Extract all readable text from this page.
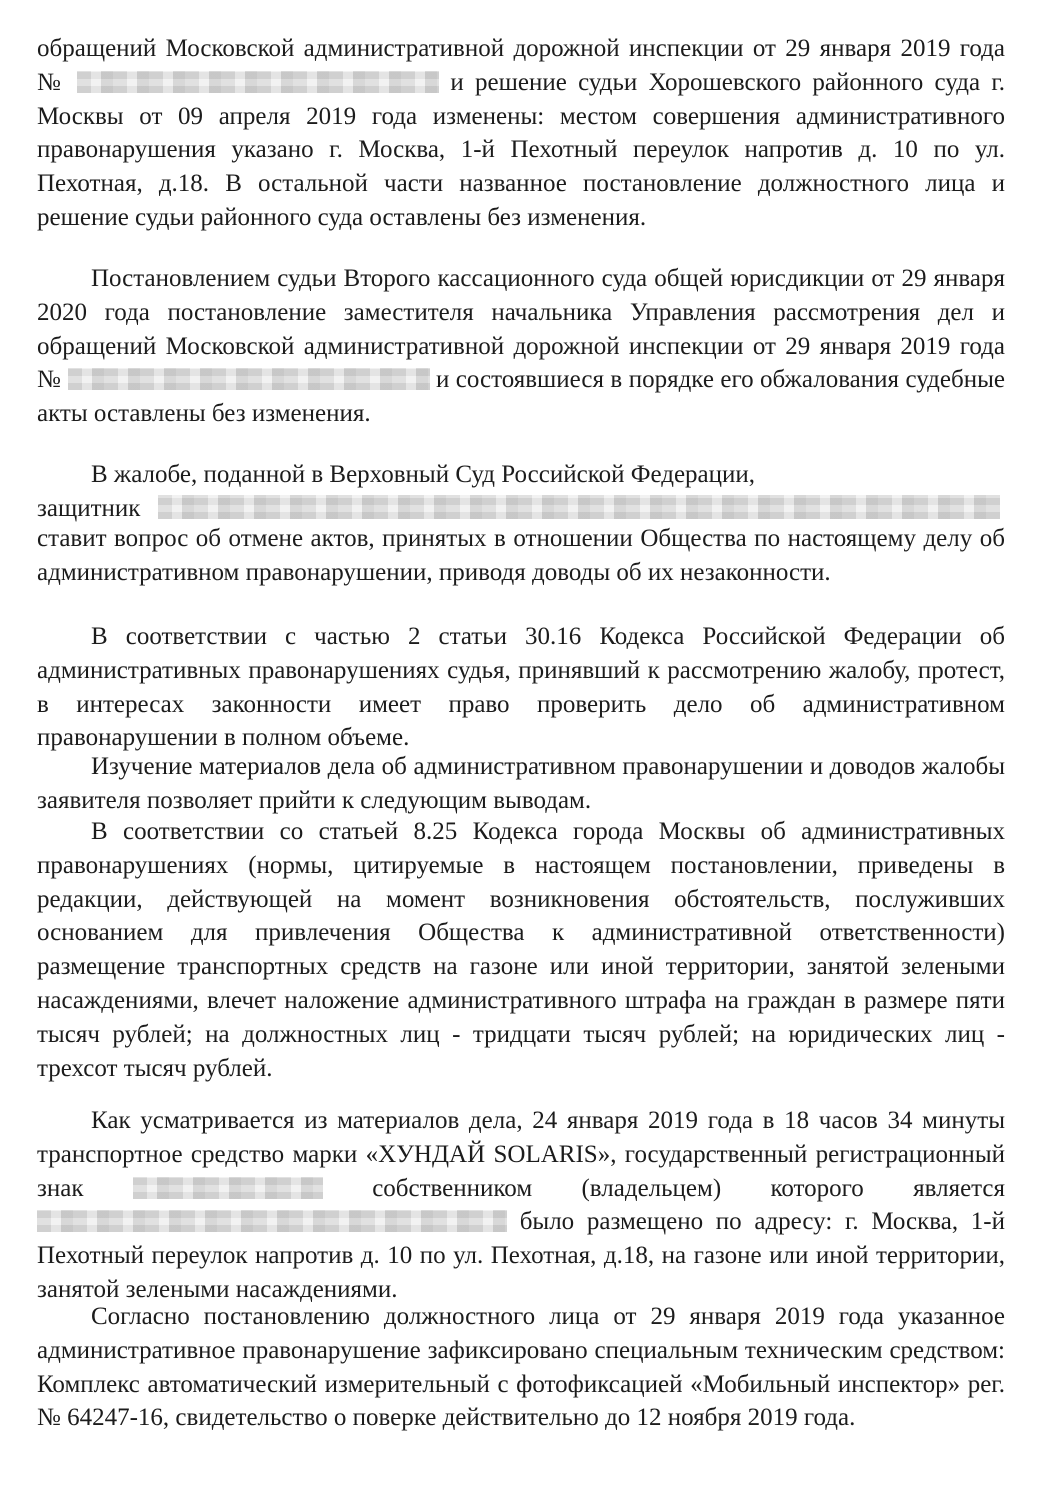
обращений Московской административной дорожной инспекции от 29 января 2019 года №	и решение судьи Хорошевского районного суда г. Москвы от 09 апреля 2019 года изменены: местом совершения административного правонарушения указано г. Москва, 1-й Пехотный переулок напротив д. 10 по ул. Пехотная, д.18. В остальной части названное постановление должностного лица и решение судьи районного суда оставлены без изменения.

Постановлением судьи Второго кассационного суда общей юрисдикции от 29 января 2020 года постановление заместителя начальника Управления рассмотрения дел и обращений Московской административной дорожной инспекции от 29 января 2019 года №	и состоявшиеся в порядке его обжалования судебные акты оставлены без изменения.

В жалобе, поданной в Верховный Суд Российской Федерации,

защитник

ставит вопрос об отмене актов, принятых в отношении Общества по настоящему делу об административном правонарушении, приводя доводы об их незаконности.

В соответствии с частью 2 статьи 30.16 Кодекса Российской Федерации об административных правонарушениях судья, принявший к рассмотрению жалобу, протест, в интересах законности имеет право проверить дело об административном правонарушении в полном объеме.

Изучение материалов дела об административном правонарушении и доводов жалобы заявителя позволяет прийти к следующим выводам.

В соответствии со статьей 8.25 Кодекса города Москвы об административных правонарушениях (нормы, цитируемые в настоящем постановлении, приведены в редакции, действующей на момент возникновения обстоятельств, послуживших основанием для привлечения Общества к административной ответственности) размещение транспортных средств на газоне или иной территории, занятой зелеными насаждениями, влечет наложение административного штрафа на граждан в размере пяти тысяч рублей; на должностных лиц - тридцати тысяч рублей; на юридических лиц - трехсот тысяч рублей.

Как усматривается из материалов дела, 24 января 2019 года в 18 часов 34 минуты транспортное средство марки «ХУНДАЙ SOLARIS», государственный регистрационный знак	собственником (владельцем) которого является  было размещено по адресу: г. Москва, 1-й Пехотный переулок напротив д. 10 по ул. Пехотная, д.18, на газоне или иной территории, занятой зелеными насаждениями.

Согласно постановлению должностного лица от 29 января 2019 года указанное административное правонарушение зафиксировано специальным техническим средством: Комплекс автоматический измерительный с фотофиксацией «Мобильный инспектор» рег. № 64247-16, свидетельство о поверке действительно до 12 ноября 2019 года.
